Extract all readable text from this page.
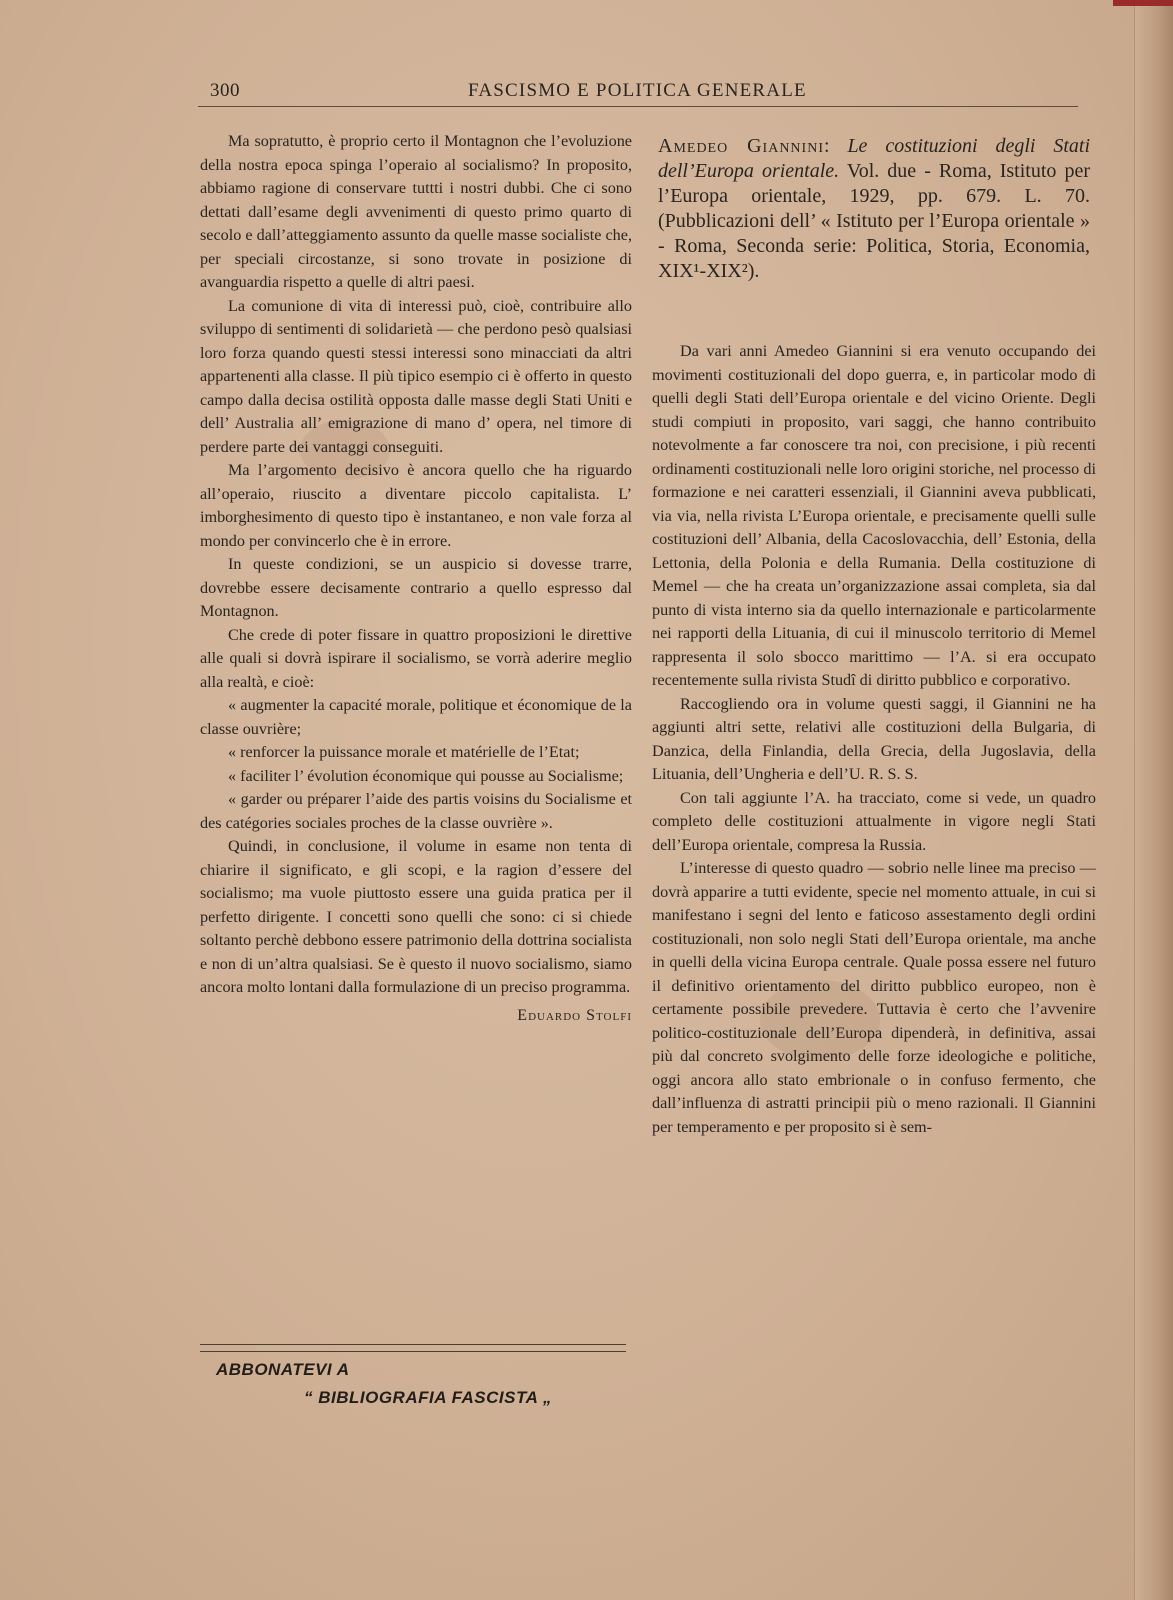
300	FASCISMO E POLITICA GENERALE

Ma sopratutto, è proprio certo il Montagnon che l’evoluzione della nostra epoca spinga l’operaio al socialismo? In proposito, abbiamo ragione di conservare tuttti i nostri dubbi. Che ci sono dettati dall’esame degli avvenimenti di questo primo quarto di secolo e dall’atteggiamento assunto da quelle masse socialiste che, per speciali circostanze, si sono trovate in posizione di avanguardia rispetto a quelle di altri paesi.

La comunione di vita di interessi può, cioè, contribuire allo sviluppo di sentimenti di solidarietà — che perdono pesò qualsiasi loro forza quando questi stessi interessi sono minacciati da altri appartenenti alla classe. Il più tipico esempio ci è offerto in questo campo dalla decisa ostilità opposta dalle masse degli Stati Uniti e dell’ Australia all’ emigrazione di mano d’ opera, nel timore di perdere parte dei vantaggi conseguiti.

Ma l’argomento decisivo è ancora quello che ha riguardo all’operaio, riuscito a diventare piccolo capitalista. L’ imborghesimento di questo tipo è instantaneo, e non vale forza al mondo per convincerlo che è in errore.

In queste condizioni, se un auspicio si dovesse trarre, dovrebbe essere decisamente contrario a quello espresso dal Montagnon.

Che crede di poter fissare in quattro proposizioni le direttive alle quali si dovrà ispirare il socialismo, se vorrà aderire meglio alla realtà, e cioè:

« augmenter la capacité morale, politique et économique de la classe ouvrière;

« renforcer la puissance morale et matérielle de l’Etat;

« faciliter l’ évolution économique qui pousse au Socialisme;

« garder ou préparer l’aide des partis voisins du Socialisme et des catégories sociales proches de la classe ouvrière ».

Quindi, in conclusione, il volume in esame non tenta di chiarire il significato, e gli scopi, e la ragion d’essere del socialismo; ma vuole piuttosto essere una guida pratica per il perfetto dirigente. I concetti sono quelli che sono: ci si chiede soltanto perchè debbono essere patrimonio della dottrina socialista e non di un’altra qualsiasi. Se è questo il nuovo socialismo, siamo ancora molto lontani dalla formulazione di un preciso programma.

Eduardo Stolfi
ABBONATEVI A
“ BIBLIOGRAFIA FASCISTA „
Amedeo Giannini: Le costituzioni degli Stati dell’Europa orientale. Vol. due - Roma, Istituto per l’Europa orientale, 1929, pp. 679. L. 70. (Pubblicazioni dell’ « Istituto per l’Europa orientale » - Roma, Seconda serie: Politica, Storia, Economia, XIX¹-XIX²).

Da vari anni Amedeo Giannini si era venuto occupando dei movimenti costituzionali del dopo guerra, e, in particolar modo di quelli degli Stati dell’Europa orientale e del vicino Oriente. Degli studi compiuti in proposito, vari saggi, che hanno contribuito notevolmente a far conoscere tra noi, con precisione, i più recenti ordinamenti costituzionali nelle loro origini storiche, nel processo di formazione e nei caratteri essenziali, il Giannini aveva pubblicati, via via, nella rivista L’Europa orientale, e precisamente quelli sulle costituzioni dell’ Albania, della Cacoslovacchia, dell’ Estonia, della Lettonia, della Polonia e della Rumania. Della costituzione di Memel — che ha creata un’organizzazione assai completa, sia dal punto di vista interno sia da quello internazionale e particolarmente nei rapporti della Lituania, di cui il minuscolo territorio di Memel rappresenta il solo sbocco marittimo — l’A. si era occupato recentemente sulla rivista Studî di diritto pubblico e corporativo.

Raccogliendo ora in volume questi saggi, il Giannini ne ha aggiunti altri sette, relativi alle costituzioni della Bulgaria, di Danzica, della Finlandia, della Grecia, della Jugoslavia, della Lituania, dell’Ungheria e dell’U. R. S. S.

Con tali aggiunte l’A. ha tracciato, come si vede, un quadro completo delle costituzioni attualmente in vigore negli Stati dell’Europa orientale, compresa la Russia.

L’interesse di questo quadro — sobrio nelle linee ma preciso — dovrà apparire a tutti evidente, specie nel momento attuale, in cui si manifestano i segni del lento e faticoso assestamento degli ordini costituzionali, non solo negli Stati dell’Europa orientale, ma anche in quelli della vicina Europa centrale. Quale possa essere nel futuro il definitivo orientamento del diritto pubblico europeo, non è certamente possibile prevedere. Tuttavia è certo che l’avvenire politico-costituzionale dell’Europa dipenderà, in definitiva, assai più dal concreto svolgimento delle forze ideologiche e politiche, oggi ancora allo stato embrionale o in confuso fermento, che dall’influenza di astratti principii più o meno razionali. Il Giannini per temperamento e per proposito si è sem-
